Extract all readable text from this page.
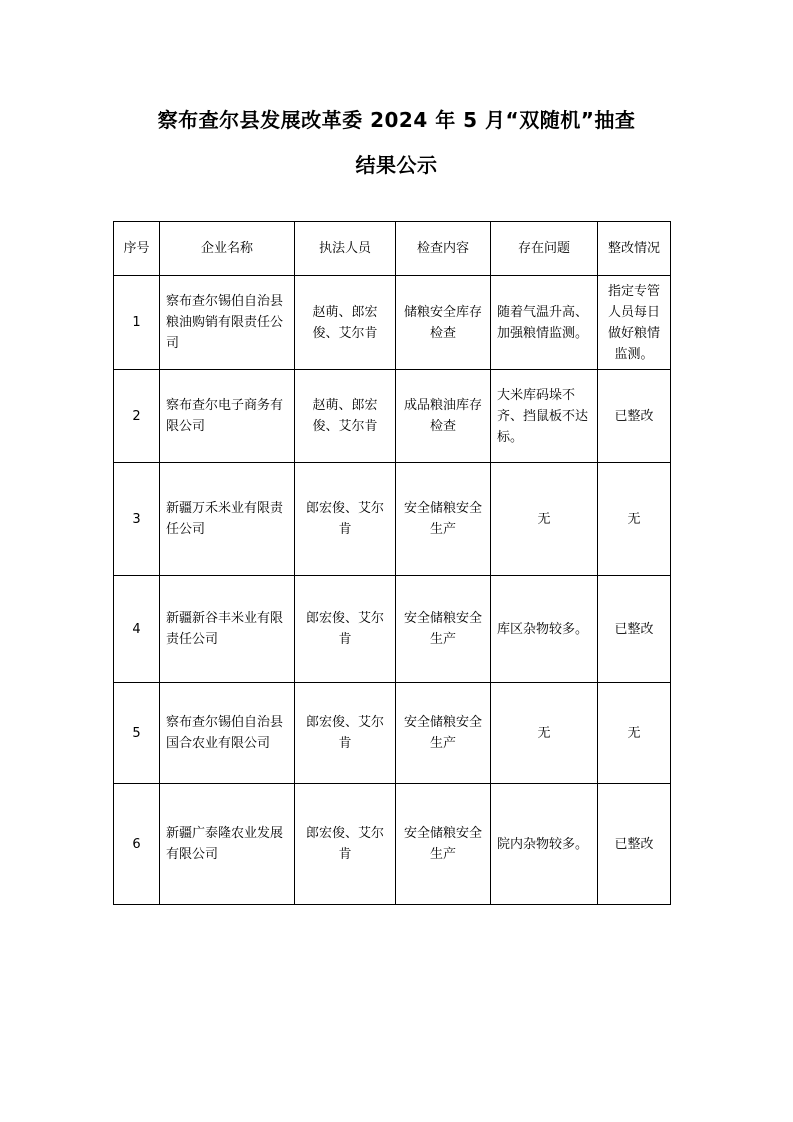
察布查尔县发展改革委 2024 年 5 月“双随机”抽查
结果公示
序号	企业名称	执法人员	检查内容	存在问题	整改情况
1	察布查尔锡伯自治县粮油购销有限责任公司	赵萌、郎宏俊、艾尔肯	储粮安全库存检查	随着气温升高、加强粮情监测。	指定专管人员每日做好粮情监测。
2	察布查尔电子商务有限公司	赵萌、郎宏俊、艾尔肯	成品粮油库存检查	大米库码垛不齐、挡鼠板不达标。	已整改
3	新疆万禾米业有限责任公司	郎宏俊、艾尔肯	安全储粮安全生产	无	无
4	新疆新谷丰米业有限责任公司	郎宏俊、艾尔肯	安全储粮安全生产	库区杂物较多。	已整改
5	察布查尔锡伯自治县国合农业有限公司	郎宏俊、艾尔肯	安全储粮安全生产	无	无
6	新疆广泰隆农业发展有限公司	郎宏俊、艾尔肯	安全储粮安全生产	院内杂物较多。	已整改
